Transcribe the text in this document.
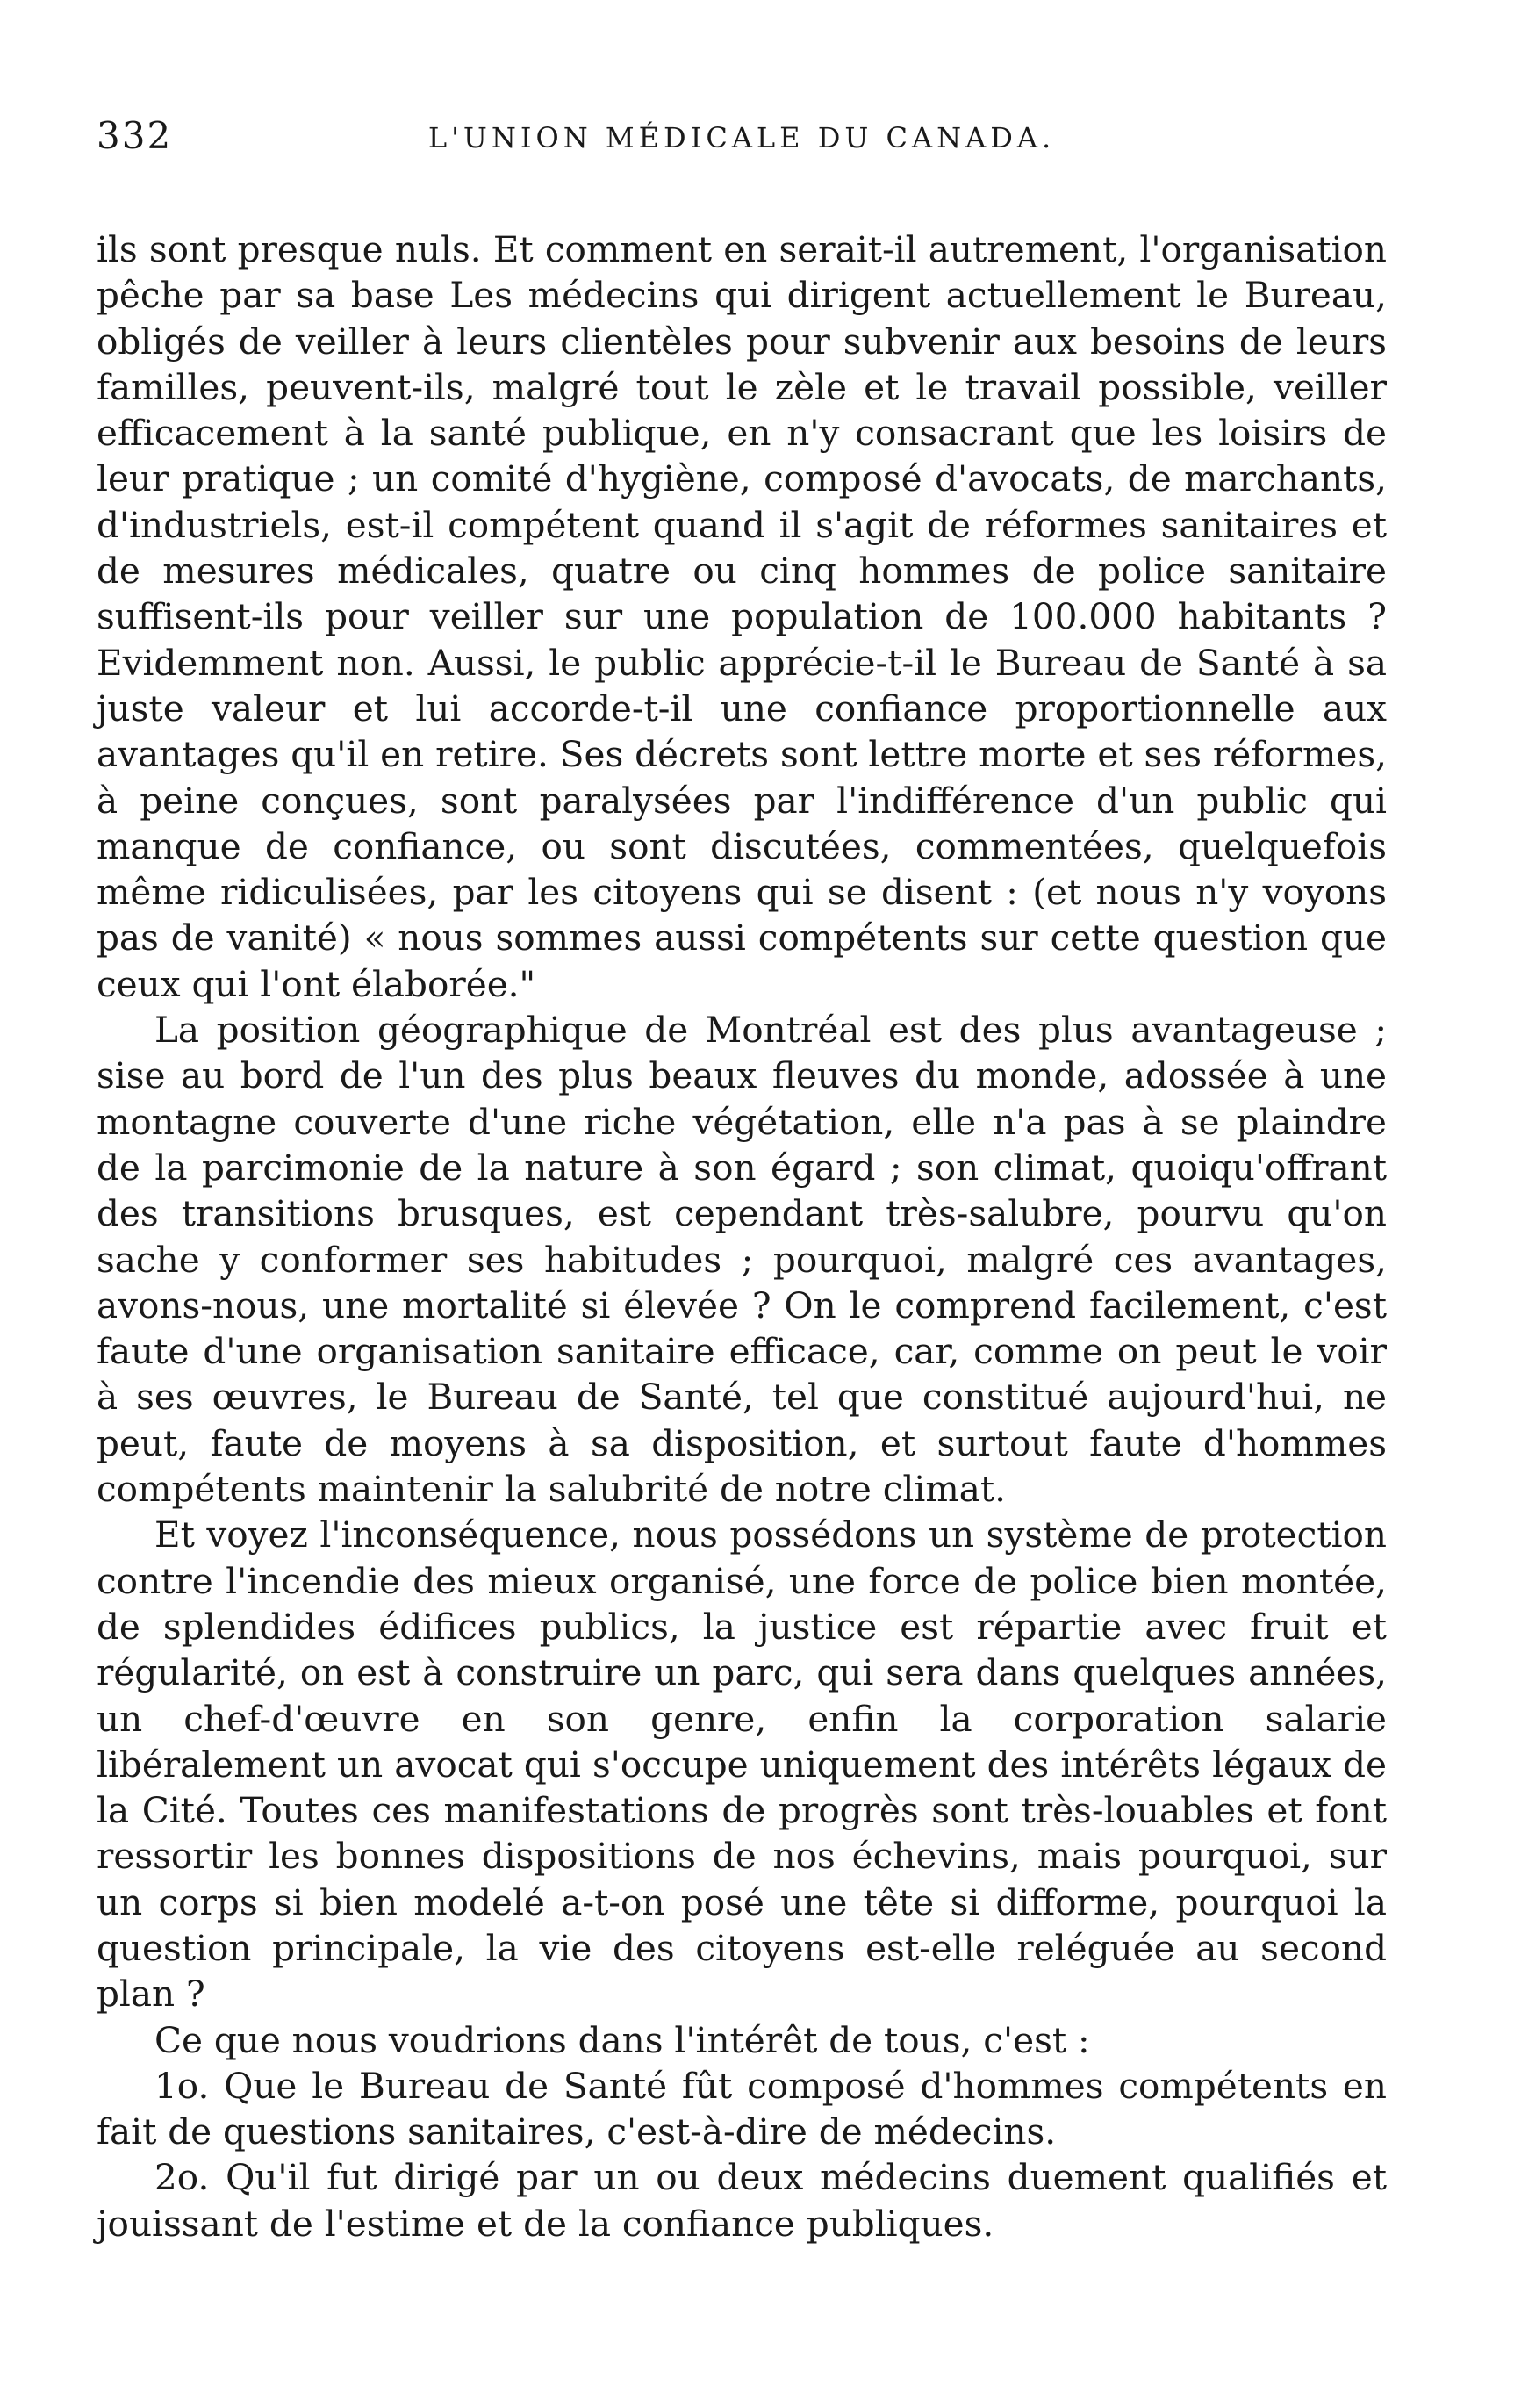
332	L'UNION MÉDICALE DU CANADA.

ils sont presque nuls. Et comment en serait-il autrement, l'organisation pêche par sa base Les médecins qui dirigent actuellement le Bureau, obligés de veiller à leurs clientèles pour subvenir aux besoins de leurs familles, peuvent-ils, malgré tout le zèle et le travail possible, veiller efficacement à la santé publique, en n'y consacrant que les loisirs de leur pratique ; un comité d'hygiène, composé d'avocats, de marchants, d'industriels, est-il compétent quand il s'agit de réformes sanitaires et de mesures médicales, quatre ou cinq hommes de police sanitaire suffisent-ils pour veiller sur une population de 100.000 habitants ? Evidemment non. Aussi, le public apprécie-t-il le Bureau de Santé à sa juste valeur et lui accorde-t-il une confiance proportionnelle aux avantages qu'il en retire. Ses décrets sont lettre morte et ses réformes, à peine conçues, sont paralysées par l'indifférence d'un public qui manque de confiance, ou sont discutées, commentées, quelquefois même ridiculisées, par les citoyens qui se disent : (et nous n'y voyons pas de vanité) « nous sommes aussi compétents sur cette question que ceux qui l'ont élaborée."

La position géographique de Montréal est des plus avantageuse ; sise au bord de l'un des plus beaux fleuves du monde, adossée à une montagne couverte d'une riche végétation, elle n'a pas à se plaindre de la parcimonie de la nature à son égard ; son climat, quoiqu'offrant des transitions brusques, est cependant très-salubre, pourvu qu'on sache y conformer ses habitudes ; pourquoi, malgré ces avantages, avons-nous, une mortalité si élevée ? On le comprend facilement, c'est faute d'une organisation sanitaire efficace, car, comme on peut le voir à ses œuvres, le Bureau de Santé, tel que constitué aujourd'hui, ne peut, faute de moyens à sa disposition, et surtout faute d'hommes compétents maintenir la salubrité de notre climat.

Et voyez l'inconséquence, nous possédons un système de protection contre l'incendie des mieux organisé, une force de police bien montée, de splendides édifices publics, la justice est répartie avec fruit et régularité, on est à construire un parc, qui sera dans quelques années, un chef-d'œuvre en son genre, enfin la corporation salarie libéralement un avocat qui s'occupe uniquement des intérêts légaux de la Cité. Toutes ces manifestations de progrès sont très-louables et font ressortir les bonnes dispositions de nos échevins, mais pourquoi, sur un corps si bien modelé a-t-on posé une tête si difforme, pourquoi la question principale, la vie des citoyens est-elle reléguée au second plan ?

Ce que nous voudrions dans l'intérêt de tous, c'est :

1o. Que le Bureau de Santé fût composé d'hommes compétents en fait de questions sanitaires, c'est-à-dire de médecins.

2o. Qu'il fut dirigé par un ou deux médecins duement qualifiés et jouissant de l'estime et de la confiance publiques.
